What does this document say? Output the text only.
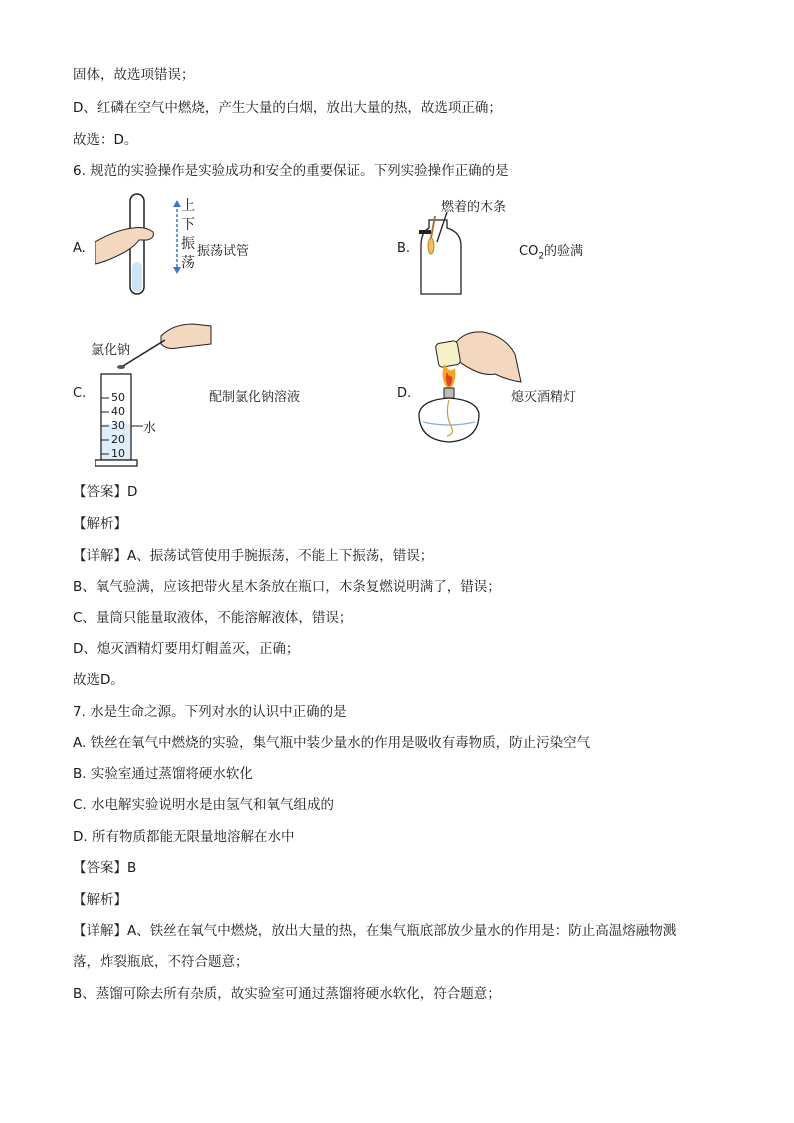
固体，故选项错误；
D、红磷在空气中燃烧，产生大量的白烟，放出大量的热，故选项正确；
故选：D。
6. 规范的实验操作是实验成功和安全的重要保证。下列实验操作正确的是
A.
上
下
振
荡
振荡试管	B.
燃着的木条
$CO_2$的验满
C.
氯化钠
50
40
30
20
10
水
配制氯化钠溶液	D.	熄灭酒精灯
【答案】D
【解析】
【详解】A、振荡试管使用手腕振荡，不能上下振荡，错误；
B、氧气验满，应该把带火星木条放在瓶口，木条复燃说明满了，错误；
C、量筒只能量取液体，不能溶解液体，错误；
D、熄灭酒精灯要用灯帽盖灭，正确；
故选D。
7. 水是生命之源。下列对水的认识中正确的是
A. 铁丝在氧气中燃烧的实验，集气瓶中装少量水的作用是吸收有毒物质，防止污染空气
B. 实验室通过蒸馏将硬水软化
C. 水电解实验说明水是由氢气和氧气组成的
D. 所有物质都能无限量地溶解在水中
【答案】B
【解析】
【详解】A、铁丝在氧气中燃烧，放出大量的热，在集气瓶底部放少量水的作用是：防止高温熔融物溅
落，炸裂瓶底，不符合题意；
B、蒸馏可除去所有杂质，故实验室可通过蒸馏将硬水软化，符合题意；
